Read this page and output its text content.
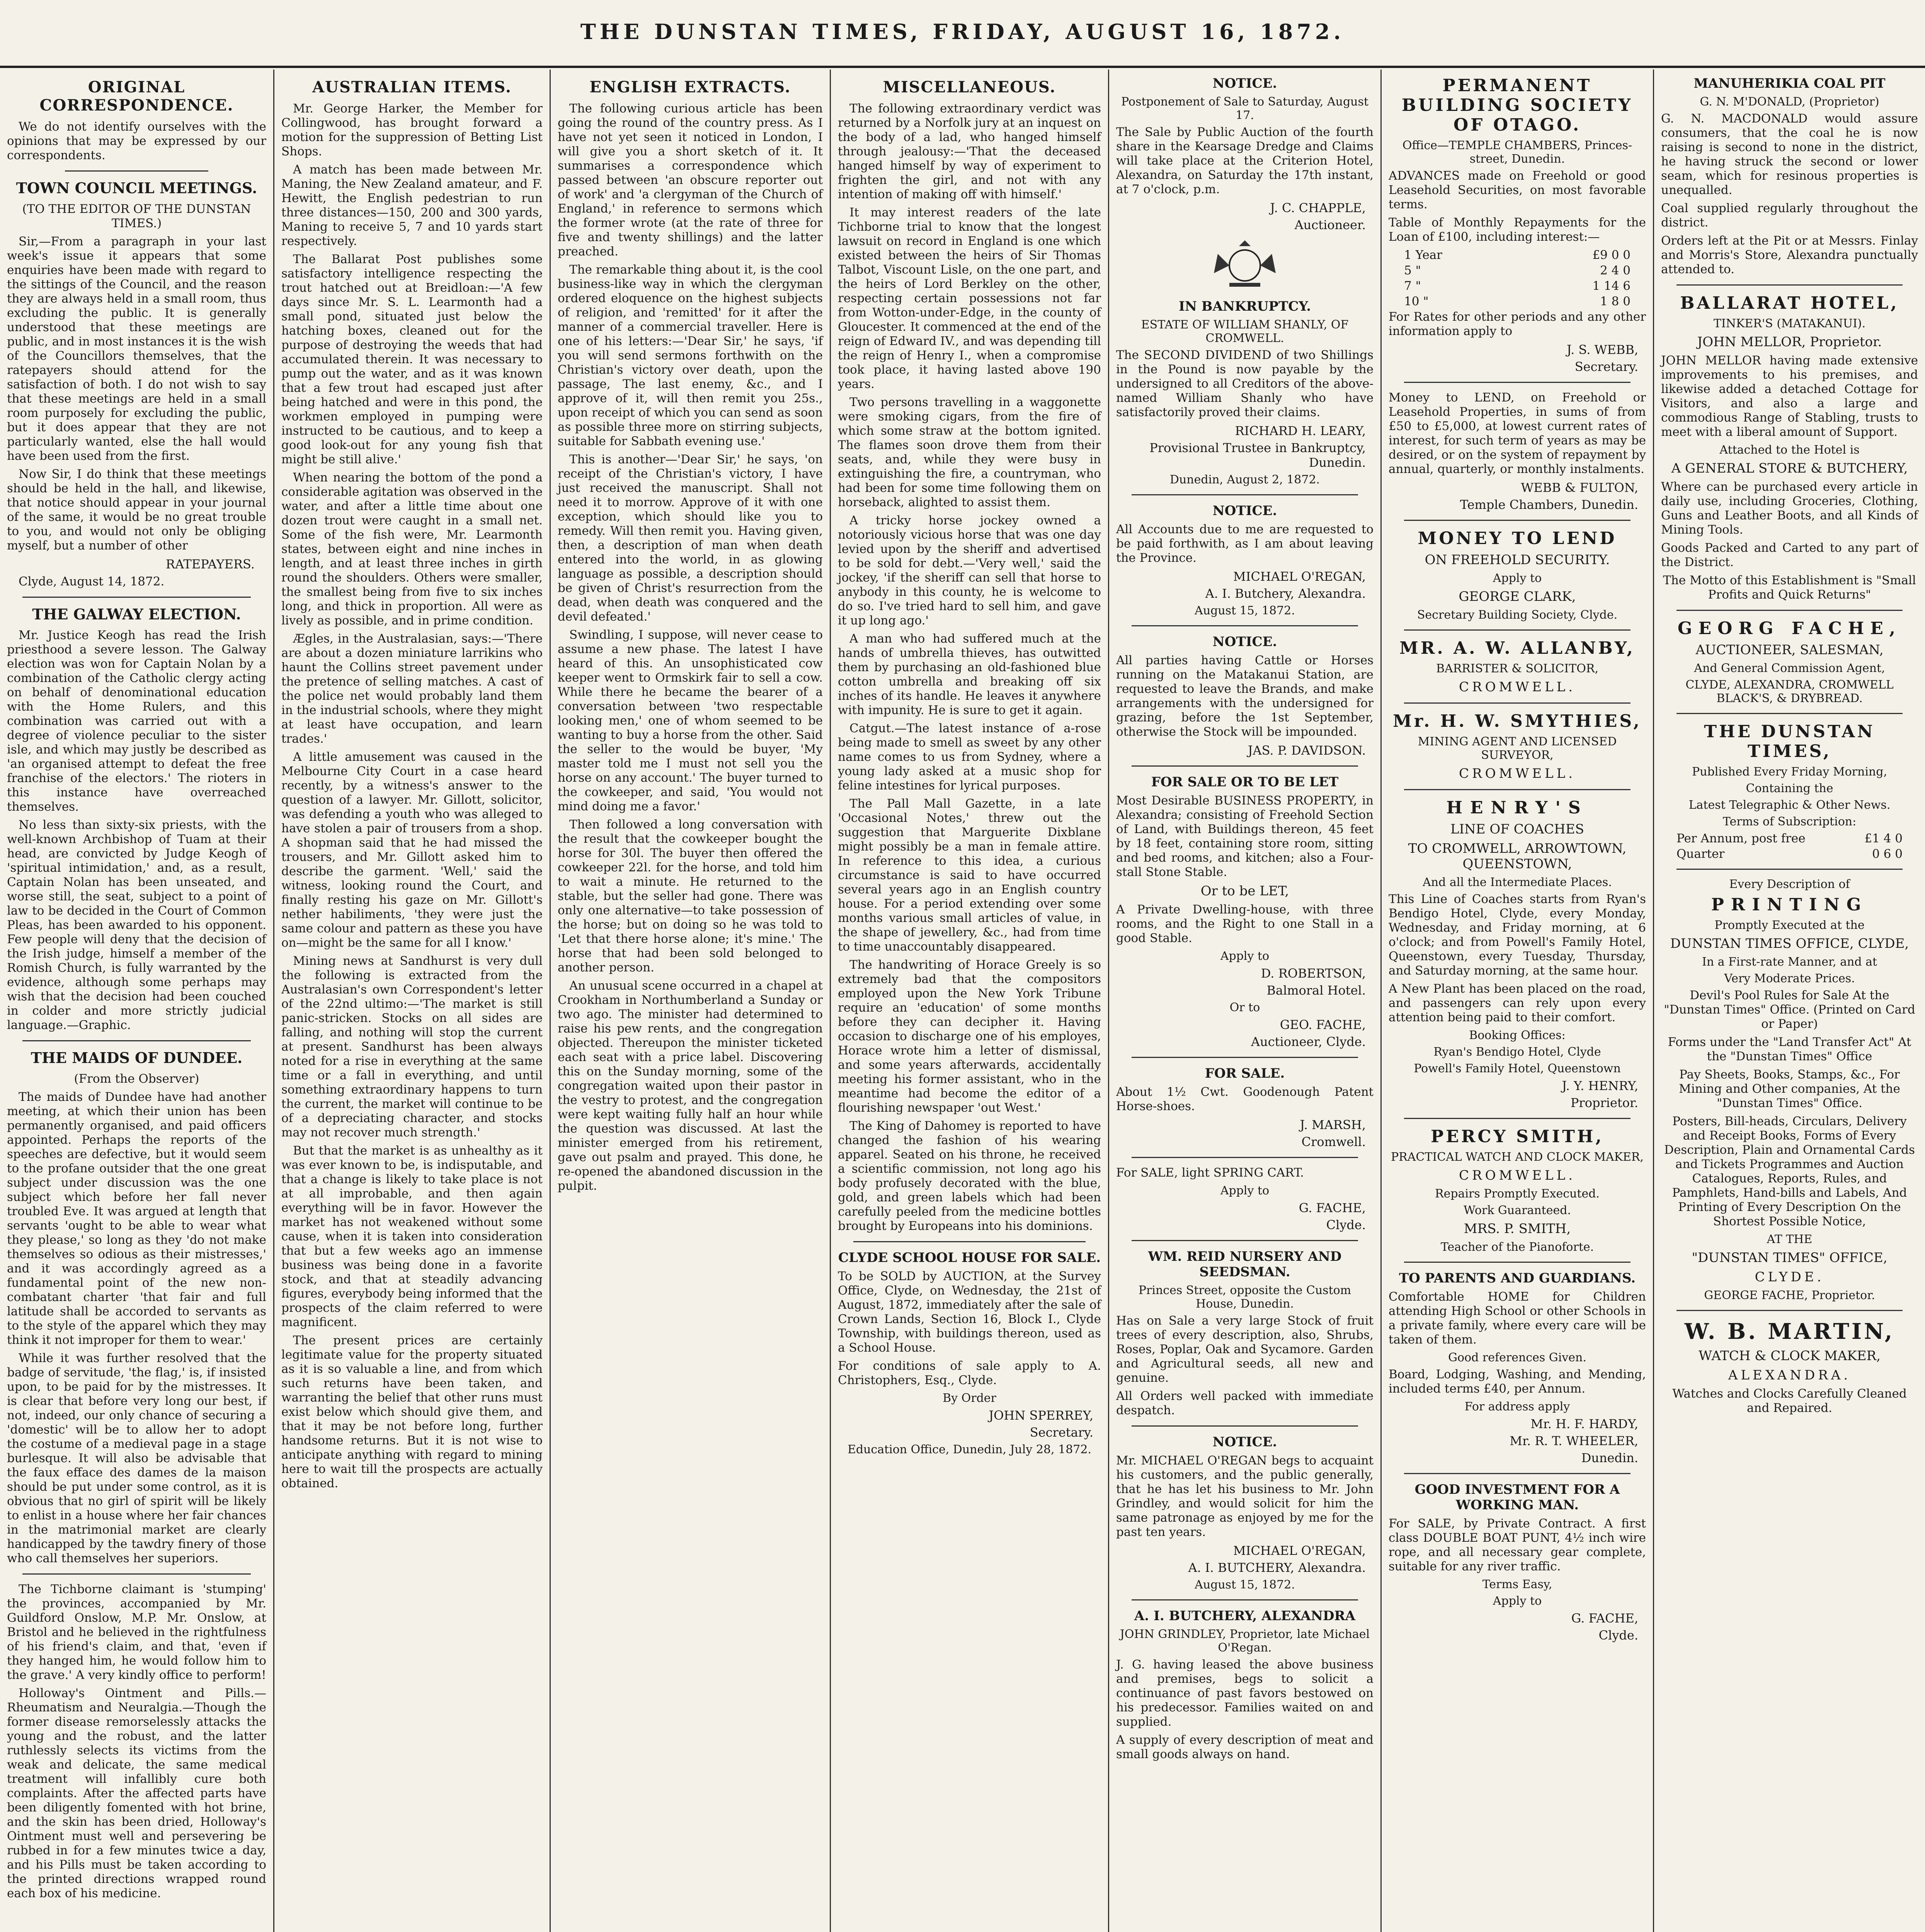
THE DUNSTAN TIMES, FRIDAY, AUGUST 16, 1872.
ORIGINAL CORRESPONDENCE.

We do not identify ourselves with the opinions that may be expressed by our correspondents.

TOWN COUNCIL MEETINGS.

(TO THE EDITOR OF THE DUNSTAN TIMES.)

Sir,—From a paragraph in your last week's issue it appears that some enquiries have been made with regard to the sittings of the Council, and the reason they are always held in a small room, thus excluding the public. It is generally understood that these meetings are public, and in most instances it is the wish of the Councillors themselves, that the ratepayers should attend for the satisfaction of both. I do not wish to say that these meetings are held in a small room purposely for excluding the public, but it does appear that they are not particularly wanted, else the hall would have been used from the first.

Now Sir, I do think that these meetings should be held in the hall, and likewise, that notice should appear in your journal of the same, it would be no great trouble to you, and would not only be obliging myself, but a number of other

RATEPAYERS.

Clyde, August 14, 1872.

THE GALWAY ELECTION.

Mr. Justice Keogh has read the Irish priesthood a severe lesson. The Galway election was won for Captain Nolan by a combination of the Catholic clergy acting on behalf of denominational education with the Home Rulers, and this combination was carried out with a degree of violence peculiar to the sister isle, and which may justly be described as 'an organised attempt to defeat the free franchise of the electors.' The rioters in this instance have overreached themselves.

No less than sixty-six priests, with the well-known Archbishop of Tuam at their head, are convicted by Judge Keogh of 'spiritual intimidation,' and, as a result, Captain Nolan has been unseated, and worse still, the seat, subject to a point of law to be decided in the Court of Common Pleas, has been awarded to his opponent. Few people will deny that the decision of the Irish judge, himself a member of the Romish Church, is fully warranted by the evidence, although some perhaps may wish that the decision had been couched in colder and more strictly judicial language.—Graphic.

THE MAIDS OF DUNDEE.

(From the Observer)

The maids of Dundee have had another meeting, at which their union has been permanently organised, and paid officers appointed. Perhaps the reports of the speeches are defective, but it would seem to the profane outsider that the one great subject under discussion was the one subject which before her fall never troubled Eve. It was argued at length that servants 'ought to be able to wear what they please,' so long as they 'do not make themselves so odious as their mistresses,' and it was accordingly agreed as a fundamental point of the new non-combatant charter 'that fair and full latitude shall be accorded to servants as to the style of the apparel which they may think it not improper for them to wear.'

While it was further resolved that the badge of servitude, 'the flag,' is, if insisted upon, to be paid for by the mistresses. It is clear that before very long our best, if not, indeed, our only chance of securing a 'domestic' will be to allow her to adopt the costume of a medieval page in a stage burlesque. It will also be advisable that the faux efface des dames de la maison should be put under some control, as it is obvious that no girl of spirit will be likely to enlist in a house where her fair chances in the matrimonial market are clearly handicapped by the tawdry finery of those who call themselves her superiors.

The Tichborne claimant is 'stumping' the provinces, accompanied by Mr. Guildford Onslow, M.P. Mr. Onslow, at Bristol and he believed in the rightfulness of his friend's claim, and that, 'even if they hanged him, he would follow him to the grave.' A very kindly office to perform!

Holloway's Ointment and Pills.—Rheumatism and Neuralgia.—Though the former disease remorselessly attacks the young and the robust, and the latter ruthlessly selects its victims from the weak and delicate, the same medical treatment will infallibly cure both complaints. After the affected parts have been diligently fomented with hot brine, and the skin has been dried, Holloway's Ointment must well and persevering be rubbed in for a few minutes twice a day, and his Pills must be taken according to the printed directions wrapped round each box of his medicine.

AUSTRALIAN ITEMS.

Mr. George Harker, the Member for Collingwood, has brought forward a motion for the suppression of Betting List Shops.

A match has been made between Mr. Maning, the New Zealand amateur, and F. Hewitt, the English pedestrian to run three distances—150, 200 and 300 yards, Maning to receive 5, 7 and 10 yards start respectively.

The Ballarat Post publishes some satisfactory intelligence respecting the trout hatched out at Breidloan:—'A few days since Mr. S. L. Learmonth had a small pond, situated just below the hatching boxes, cleaned out for the purpose of destroying the weeds that had accumulated therein. It was necessary to pump out the water, and as it was known that a few trout had escaped just after being hatched and were in this pond, the workmen employed in pumping were instructed to be cautious, and to keep a good look-out for any young fish that might be still alive.'

When nearing the bottom of the pond a considerable agitation was observed in the water, and after a little time about one dozen trout were caught in a small net. Some of the fish were, Mr. Learmonth states, between eight and nine inches in length, and at least three inches in girth round the shoulders. Others were smaller, the smallest being from five to six inches long, and thick in proportion. All were as lively as possible, and in prime condition.

Ægles, in the Australasian, says:—'There are about a dozen miniature larrikins who haunt the Collins street pavement under the pretence of selling matches. A cast of the police net would probably land them in the industrial schools, where they might at least have occupation, and learn trades.'

A little amusement was caused in the Melbourne City Court in a case heard recently, by a witness's answer to the question of a lawyer. Mr. Gillott, solicitor, was defending a youth who was alleged to have stolen a pair of trousers from a shop. A shopman said that he had missed the trousers, and Mr. Gillott asked him to describe the garment. 'Well,' said the witness, looking round the Court, and finally resting his gaze on Mr. Gillott's nether habiliments, 'they were just the same colour and pattern as these you have on—might be the same for all I know.'

Mining news at Sandhurst is very dull the following is extracted from the Australasian's own Correspondent's letter of the 22nd ultimo:—'The market is still panic-stricken. Stocks on all sides are falling, and nothing will stop the current at present. Sandhurst has been always noted for a rise in everything at the same time or a fall in everything, and until something extraordinary happens to turn the current, the market will continue to be of a depreciating character, and stocks may not recover much strength.'

But that the market is as unhealthy as it was ever known to be, is indisputable, and that a change is likely to take place is not at all improbable, and then again everything will be in favor. However the market has not weakened without some cause, when it is taken into consideration that but a few weeks ago an immense business was being done in a favorite stock, and that at steadily advancing figures, everybody being informed that the prospects of the claim referred to were magnificent.

The present prices are certainly legitimate value for the property situated as it is so valuable a line, and from which such returns have been taken, and warranting the belief that other runs must exist below which should give them, and that it may be not before long, further handsome returns. But it is not wise to anticipate anything with regard to mining here to wait till the prospects are actually obtained.

ENGLISH EXTRACTS.

The following curious article has been going the round of the country press. As I have not yet seen it noticed in London, I will give you a short sketch of it. It summarises a correspondence which passed between 'an obscure reporter out of work' and 'a clergyman of the Church of England,' in reference to sermons which the former wrote (at the rate of three for five and twenty shillings) and the latter preached.

The remarkable thing about it, is the cool business-like way in which the clergyman ordered eloquence on the highest subjects of religion, and 'remitted' for it after the manner of a commercial traveller. Here is one of his letters:—'Dear Sir,' he says, 'if you will send sermons forthwith on the Christian's victory over death, upon the passage, The last enemy, &c., and I approve of it, will then remit you 25s., upon receipt of which you can send as soon as possible three more on stirring subjects, suitable for Sabbath evening use.'

This is another—'Dear Sir,' he says, 'on receipt of the Christian's victory, I have just received the manuscript. Shall not need it to morrow. Approve of it with one exception, which should like you to remedy. Will then remit you. Having given, then, a description of man when death entered into the world, in as glowing language as possible, a description should be given of Christ's resurrection from the dead, when death was conquered and the devil defeated.'

Swindling, I suppose, will never cease to assume a new phase. The latest I have heard of this. An unsophisticated cow keeper went to Ormskirk fair to sell a cow. While there he became the bearer of a conversation between 'two respectable looking men,' one of whom seemed to be wanting to buy a horse from the other. Said the seller to the would be buyer, 'My master told me I must not sell you the horse on any account.' The buyer turned to the cowkeeper, and said, 'You would not mind doing me a favor.'

Then followed a long conversation with the result that the cowkeeper bought the horse for 30l. The buyer then offered the cowkeeper 22l. for the horse, and told him to wait a minute. He returned to the stable, but the seller had gone. There was only one alternative—to take possession of the horse; but on doing so he was told to 'Let that there horse alone; it's mine.' The horse that had been sold belonged to another person.

An unusual scene occurred in a chapel at Crookham in Northumberland a Sunday or two ago. The minister had determined to raise his pew rents, and the congregation objected. Thereupon the minister ticketed each seat with a price label. Discovering this on the Sunday morning, some of the congregation waited upon their pastor in the vestry to protest, and the congregation were kept waiting fully half an hour while the question was discussed. At last the minister emerged from his retirement, gave out psalm and prayed. This done, he re-opened the abandoned discussion in the pulpit.

MISCELLANEOUS.

The following extraordinary verdict was returned by a Norfolk jury at an inquest on the body of a lad, who hanged himself through jealousy:—'That the deceased hanged himself by way of experiment to frighten the girl, and not with any intention of making off with himself.'

It may interest readers of the late Tichborne trial to know that the longest lawsuit on record in England is one which existed between the heirs of Sir Thomas Talbot, Viscount Lisle, on the one part, and the heirs of Lord Berkley on the other, respecting certain possessions not far from Wotton-under-Edge, in the county of Gloucester. It commenced at the end of the reign of Edward IV., and was depending till the reign of Henry I., when a compromise took place, it having lasted above 190 years.

Two persons travelling in a waggonette were smoking cigars, from the fire of which some straw at the bottom ignited. The flames soon drove them from their seats, and, while they were busy in extinguishing the fire, a countryman, who had been for some time following them on horseback, alighted to assist them.

A tricky horse jockey owned a notoriously vicious horse that was one day levied upon by the sheriff and advertised to be sold for debt.—'Very well,' said the jockey, 'if the sheriff can sell that horse to anybody in this county, he is welcome to do so. I've tried hard to sell him, and gave it up long ago.'

A man who had suffered much at the hands of umbrella thieves, has outwitted them by purchasing an old-fashioned blue cotton umbrella and breaking off six inches of its handle. He leaves it anywhere with impunity. He is sure to get it again.

Catgut.—The latest instance of a-rose being made to smell as sweet by any other name comes to us from Sydney, where a young lady asked at a music shop for feline intestines for lyrical purposes.

The Pall Mall Gazette, in a late 'Occasional Notes,' threw out the suggestion that Marguerite Dixblane might possibly be a man in female attire. In reference to this idea, a curious circumstance is said to have occurred several years ago in an English country house. For a period extending over some months various small articles of value, in the shape of jewellery, &c., had from time to time unaccountably disappeared.

The handwriting of Horace Greely is so extremely bad that the compositors employed upon the New York Tribune require an 'education' of some months before they can decipher it. Having occasion to discharge one of his employes, Horace wrote him a letter of dismissal, and some years afterwards, accidentally meeting his former assistant, who in the meantime had become the editor of a flourishing newspaper 'out West.'

The King of Dahomey is reported to have changed the fashion of his wearing apparel. Seated on his throne, he received a scientific commission, not long ago his body profusely decorated with the blue, gold, and green labels which had been carefully peeled from the medicine bottles brought by Europeans into his dominions.

CLYDE SCHOOL HOUSE FOR SALE.

To be SOLD by AUCTION, at the Survey Office, Clyde, on Wednesday, the 21st of August, 1872, immediately after the sale of Crown Lands, Section 16, Block I., Clyde Township, with buildings thereon, used as a School House.

For conditions of sale apply to A. Christophers, Esq., Clyde.

By Order
JOHN SPERREY,
Secretary.
Education Office, Dunedin, July 28, 1872.
NOTICE.
Postponement of Sale to Saturday, August 17.

The Sale by Public Auction of the fourth share in the Kearsage Dredge and Claims will take place at the Criterion Hotel, Alexandra, on Saturday the 17th instant, at 7 o'clock, p.m.

J. C. CHAPPLE,
Auctioneer.
IN BANKRUPTCY.
ESTATE OF WILLIAM SHANLY, OF CROMWELL.

The SECOND DIVIDEND of two Shillings in the Pound is now payable by the undersigned to all Creditors of the above-named William Shanly who have satisfactorily proved their claims.

RICHARD H. LEARY,
Provisional Trustee in Bankruptcy, Dunedin.
Dunedin, August 2, 1872.
NOTICE.

All Accounts due to me are requested to be paid forthwith, as I am about leaving the Province.

MICHAEL O'REGAN,
A. I. Butchery, Alexandra.
August 15, 1872.
NOTICE.

All parties having Cattle or Horses running on the Matakanui Station, are requested to leave the Brands, and make arrangements with the undersigned for grazing, before the 1st September, otherwise the Stock will be impounded.

JAS. P. DAVIDSON.
FOR SALE OR TO BE LET

Most Desirable BUSINESS PROPERTY, in Alexandra; consisting of Freehold Section of Land, with Buildings thereon, 45 feet by 18 feet, containing store room, sitting and bed rooms, and kitchen; also a Four-stall Stone Stable.

Or to be LET,

A Private Dwelling-house, with three rooms, and the Right to one Stall in a good Stable.

Apply to
D. ROBERTSON,
Balmoral Hotel.
Or to
GEO. FACHE,
Auctioneer, Clyde.
FOR SALE.

About 1½ Cwt. Goodenough Patent Horse-shoes.

J. MARSH,
Cromwell.

For SALE, light SPRING CART.

Apply to
G. FACHE,
Clyde.
WM. REID NURSERY AND SEEDSMAN.
Princes Street, opposite the Custom House, Dunedin.

Has on Sale a very large Stock of fruit trees of every description, also, Shrubs, Roses, Poplar, Oak and Sycamore. Garden and Agricultural seeds, all new and genuine.

All Orders well packed with immediate despatch.

NOTICE.

Mr. MICHAEL O'REGAN begs to acquaint his customers, and the public generally, that he has let his business to Mr. John Grindley, and would solicit for him the same patronage as enjoyed by me for the past ten years.

MICHAEL O'REGAN,
A. I. BUTCHERY, Alexandra.
August 15, 1872.
A. I. BUTCHERY, ALEXANDRA
JOHN GRINDLEY, Proprietor, late Michael O'Regan.

J. G. having leased the above business and premises, begs to solicit a continuance of past favors bestowed on his predecessor. Families waited on and supplied.

A supply of every description of meat and small goods always on hand.

PERMANENT BUILDING SOCIETY OF OTAGO.
Office—TEMPLE CHAMBERS, Princes-street, Dunedin.

ADVANCES made on Freehold or good Leasehold Securities, on most favorable terms.

Table of Monthly Repayments for the Loan of £100, including interest:—

1 Year	£9 0 0
5 "	2 4 0
7 "	1 14 6
10 "	1 8 0

For Rates for other periods and any other information apply to

J. S. WEBB,
Secretary.

Money to LEND, on Freehold or Leasehold Properties, in sums of from £50 to £5,000, at lowest current rates of interest, for such term of years as may be desired, or on the system of repayment by annual, quarterly, or monthly instalments.

WEBB & FULTON,
Temple Chambers, Dunedin.
MONEY TO LEND
ON FREEHOLD SECURITY.
Apply to
GEORGE CLARK,
Secretary Building Society, Clyde.
MR. A. W. ALLANBY,
BARRISTER & SOLICITOR,
CROMWELL.
Mr. H. W. SMYTHIES,
MINING AGENT AND LICENSED SURVEYOR,
CROMWELL.
HENRY'S
LINE OF COACHES
TO CROMWELL, ARROWTOWN, QUEENSTOWN,
And all the Intermediate Places.

This Line of Coaches starts from Ryan's Bendigo Hotel, Clyde, every Monday, Wednesday, and Friday morning, at 6 o'clock; and from Powell's Family Hotel, Queenstown, every Tuesday, Thursday, and Saturday morning, at the same hour.

A New Plant has been placed on the road, and passengers can rely upon every attention being paid to their comfort.

Booking Offices:
Ryan's Bendigo Hotel, Clyde
Powell's Family Hotel, Queenstown
J. Y. HENRY,
Proprietor.
PERCY SMITH,
PRACTICAL WATCH AND CLOCK MAKER,
CROMWELL.
Repairs Promptly Executed.
Work Guaranteed.
MRS. P. SMITH,
Teacher of the Pianoforte.
TO PARENTS AND GUARDIANS.

Comfortable HOME for Children attending High School or other Schools in a private family, where every care will be taken of them.

Good references Given.

Board, Lodging, Washing, and Mending, included terms £40, per Annum.

For address apply
Mr. H. F. HARDY,
Mr. R. T. WHEELER,
Dunedin.
GOOD INVESTMENT FOR A WORKING MAN.

For SALE, by Private Contract. A first class DOUBLE BOAT PUNT, 4½ inch wire rope, and all necessary gear complete, suitable for any river traffic.

Terms Easy,
Apply to
G. FACHE,
Clyde.
MANUHERIKIA COAL PIT
G. N. M'DONALD, (Proprietor)

G. N. MACDONALD would assure consumers, that the coal he is now raising is second to none in the district, he having struck the second or lower seam, which for resinous properties is unequalled.

Coal supplied regularly throughout the district.

Orders left at the Pit or at Messrs. Finlay and Morris's Store, Alexandra punctually attended to.

BALLARAT HOTEL,
TINKER'S (MATAKANUI).
JOHN MELLOR, Proprietor.

JOHN MELLOR having made extensive improvements to his premises, and likewise added a detached Cottage for Visitors, and also a large and commodious Range of Stabling, trusts to meet with a liberal amount of Support.

Attached to the Hotel is
A GENERAL STORE & BUTCHERY,

Where can be purchased every article in daily use, including Groceries, Clothing, Guns and Leather Boots, and all Kinds of Mining Tools.

Goods Packed and Carted to any part of the District.

The Motto of this Establishment is "Small Profits and Quick Returns"

GEORG FACHE,
AUCTIONEER, SALESMAN,
And General Commission Agent,
CLYDE, ALEXANDRA, CROMWELL BLACK'S, & DRYBREAD.
THE DUNSTAN TIMES,
Published Every Friday Morning,
Containing the
Latest Telegraphic & Other News.
Terms of Subscription:
Per Annum, post free	£1 4 0
Quarter	0 6 0
Every Description of
PRINTING
Promptly Executed at the
DUNSTAN TIMES OFFICE, CLYDE,
In a First-rate Manner, and at
Very Moderate Prices.

Devil's Pool Rules for Sale At the "Dunstan Times" Office. (Printed on Card or Paper)

Forms under the "Land Transfer Act" At the "Dunstan Times" Office

Pay Sheets, Books, Stamps, &c., For Mining and Other companies, At the "Dunstan Times" Office.

Posters, Bill-heads, Circulars, Delivery and Receipt Books, Forms of Every Description, Plain and Ornamental Cards and Tickets Programmes and Auction Catalogues, Reports, Rules, and Pamphlets, Hand-bills and Labels, And Printing of Every Description On the Shortest Possible Notice,

AT THE
"DUNSTAN TIMES" OFFICE,
CLYDE.
GEORGE FACHE, Proprietor.
W. B. MARTIN,
WATCH & CLOCK MAKER,
ALEXANDRA.

Watches and Clocks Carefully Cleaned and Repaired.
